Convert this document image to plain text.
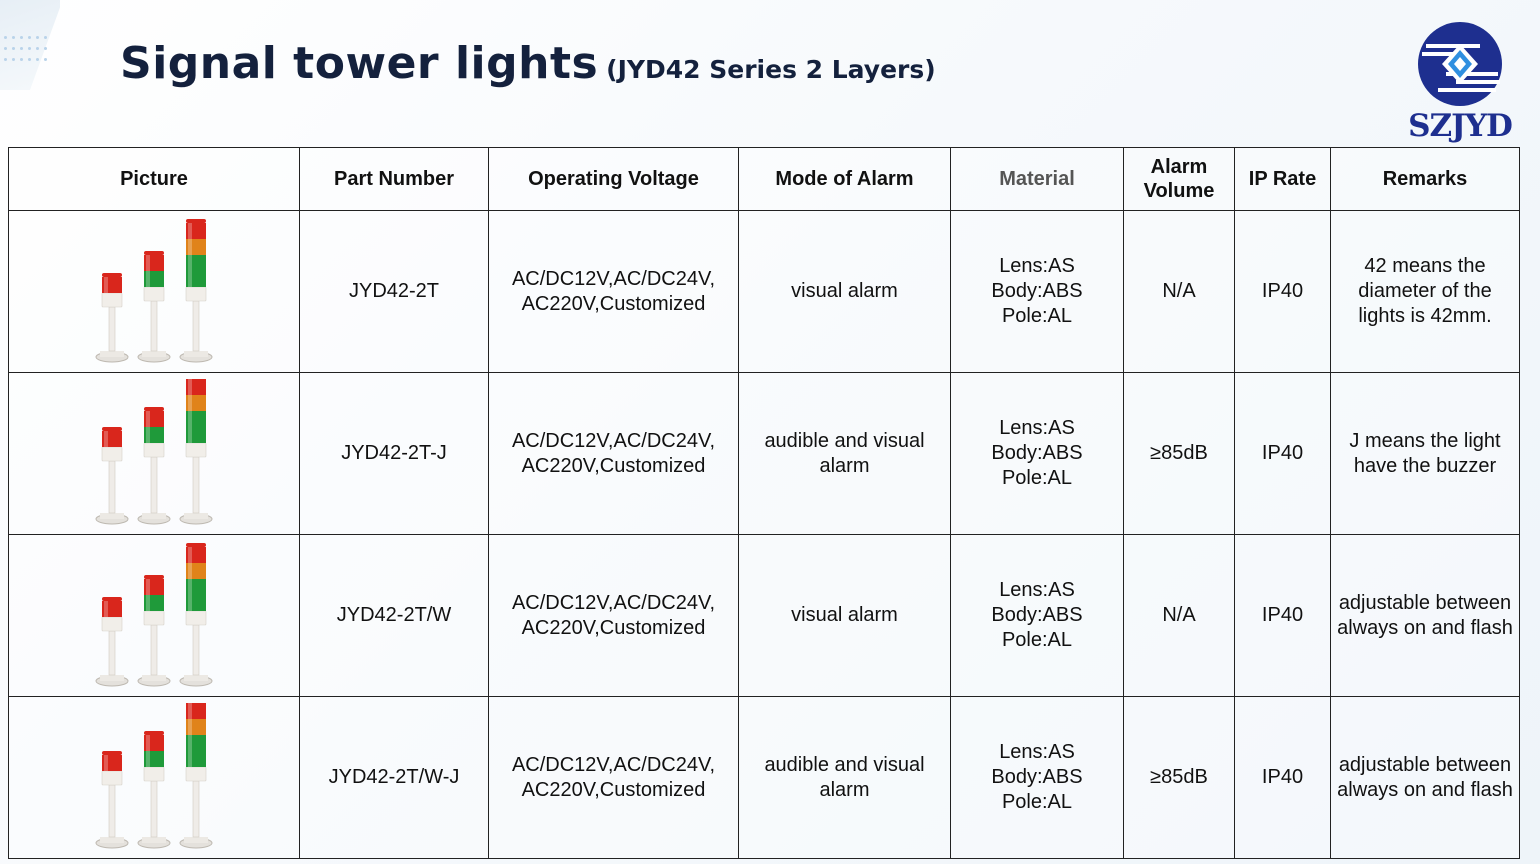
Signal tower lights (JYD42 Series 2 Layers)
SZJYD
Picture	Part Number	Operating Voltage	Mode of Alarm	Material	Alarm Volume	IP Rate	Remarks

	JYD42-2T	AC/DC12V,AC/DC24V,
AC220V,Customized	visual alarm	Lens:AS
Body:ABS
Pole:AL	N/A	IP40	42 means the
diameter of the
lights is 42mm.

	JYD42-2T-J	AC/DC12V,AC/DC24V,
AC220V,Customized	audible and visual
alarm	Lens:AS
Body:ABS
Pole:AL	≥85dB	IP40	J means the light
have the buzzer

	JYD42-2T/W	AC/DC12V,AC/DC24V,
AC220V,Customized	visual alarm	Lens:AS
Body:ABS
Pole:AL	N/A	IP40	adjustable between
always on and flash

	JYD42-2T/W-J	AC/DC12V,AC/DC24V,
AC220V,Customized	audible and visual
alarm	Lens:AS
Body:ABS
Pole:AL	≥85dB	IP40	adjustable between
always on and flash
